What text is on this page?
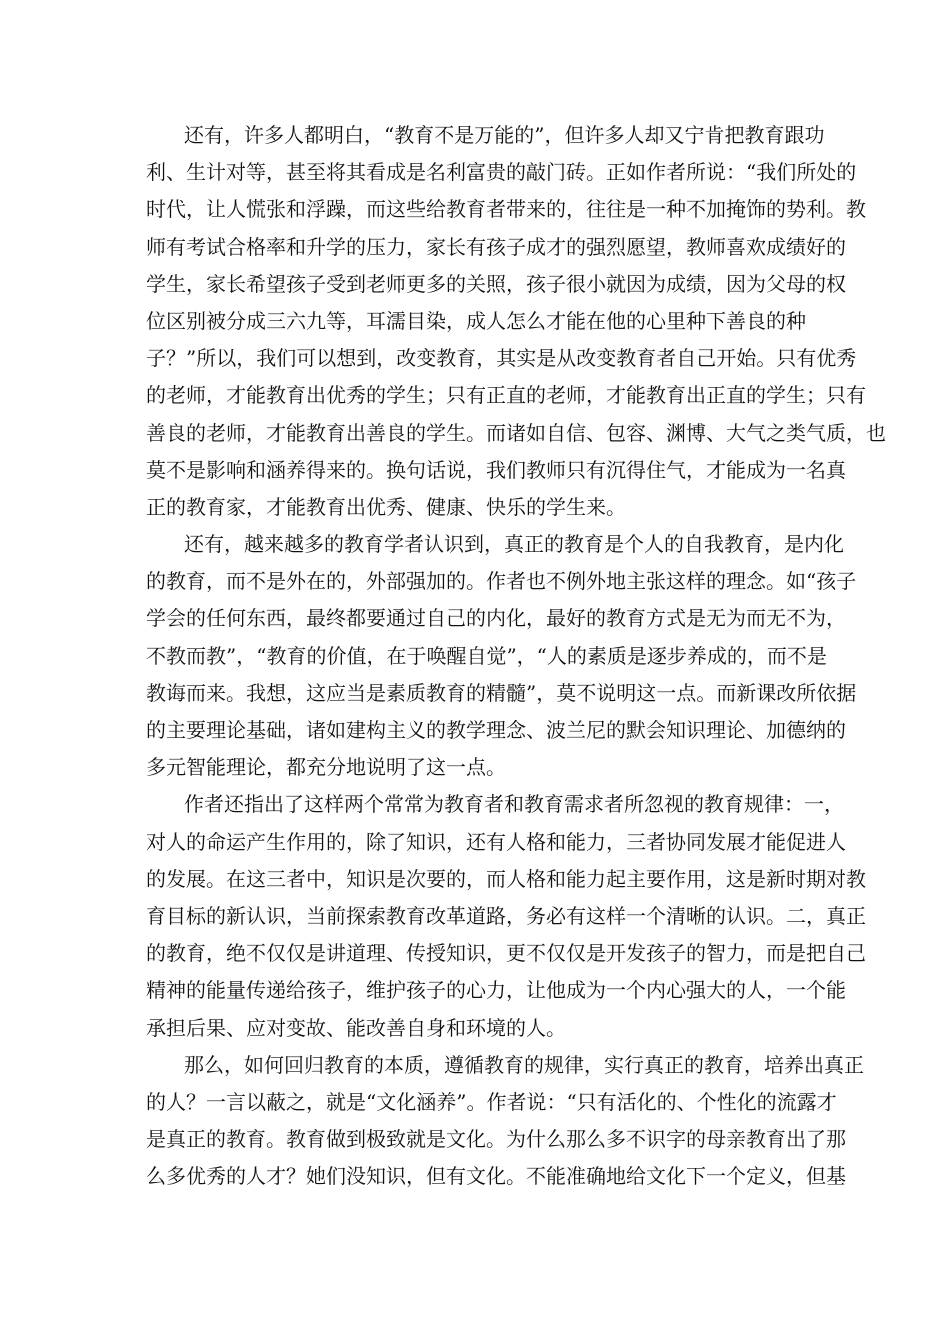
还有，许多人都明白，“教育不是万能的”，但许多人却又宁肯把教育跟功
利、生计对等，甚至将其看成是名利富贵的敲门砖。正如作者所说：“我们所处的
时代，让人慌张和浮躁，而这些给教育者带来的，往往是一种不加掩饰的势利。教
师有考试合格率和升学的压力，家长有孩子成才的强烈愿望，教师喜欢成绩好的
学生，家长希望孩子受到老师更多的关照，孩子很小就因为成绩，因为父母的权
位区别被分成三六九等，耳濡目染，成人怎么才能在他的心里种下善良的种
子？”所以，我们可以想到，改变教育，其实是从改变教育者自己开始。只有优秀
的老师，才能教育出优秀的学生；只有正直的老师，才能教育出正直的学生；只有
善良的老师，才能教育出善良的学生。而诸如自信、包容、渊博、大气之类气质，也
莫不是影响和涵养得来的。换句话说，我们教师只有沉得住气，才能成为一名真
正的教育家，才能教育出优秀、健康、快乐的学生来。
还有，越来越多的教育学者认识到，真正的教育是个人的自我教育，是内化
的教育，而不是外在的，外部强加的。作者也不例外地主张这样的理念。如“孩子
学会的任何东西，最终都要通过自己的内化，最好的教育方式是无为而无不为，
不教而教”，“教育的价值，在于唤醒自觉”，“人的素质是逐步养成的，而不是
教诲而来。我想，这应当是素质教育的精髓”，莫不说明这一点。而新课改所依据
的主要理论基础，诸如建构主义的教学理念、波兰尼的默会知识理论、加德纳的
多元智能理论，都充分地说明了这一点。
作者还指出了这样两个常常为教育者和教育需求者所忽视的教育规律：一，
对人的命运产生作用的，除了知识，还有人格和能力，三者协同发展才能促进人
的发展。在这三者中，知识是次要的，而人格和能力起主要作用，这是新时期对教
育目标的新认识，当前探索教育改革道路，务必有这样一个清晰的认识。二，真正
的教育，绝不仅仅是讲道理、传授知识，更不仅仅是开发孩子的智力，而是把自己
精神的能量传递给孩子，维护孩子的心力，让他成为一个内心强大的人，一个能
承担后果、应对变故、能改善自身和环境的人。
那么，如何回归教育的本质，遵循教育的规律，实行真正的教育，培养出真正
的人？一言以蔽之，就是“文化涵养”。作者说：“只有活化的、个性化的流露才
是真正的教育。教育做到极致就是文化。为什么那么多不识字的母亲教育出了那
么多优秀的人才？她们没知识，但有文化。不能准确地给文化下一个定义，但基
